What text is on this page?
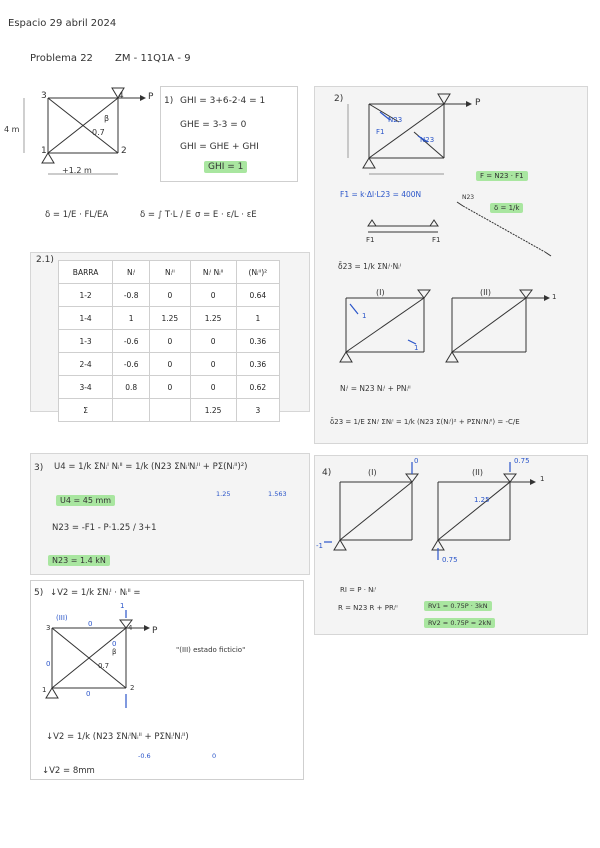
Espacio 29 abril 2024
Problema 22 ZM - 11Q1A - 9
3	4
1	2
4 m
+1.2 m
P
0.7
β
1) GHI = 3+6-2·4 = 1
GHE = 3-3 = 0
GHI = GHE + GHI
GHI = 1
δ = 1/E · FL/EA	δ = ∫ T·L / E σ = E · ε/L · εE
2.1)
BARRA	Nᵢᴵ	Nᵢᴵᴵ	Nᵢᴵ Nᵢᴵᴵ	(Nᵢᴵᴵ)²
1-2	-0.8	0	0	0.64
1-4	1	1.25	1.25	1
1-3	-0.6	0	0	0.36
2-4	-0.6	0	0	0.36
3-4	0.8	0	0	0.62
Σ			1.25	3
2)
N23
P
N23
F1
F = N23 · F1
F1 = k·Δl·L23 = 400N
δ = 1/k
F1	F1
N23
δ̄23 = 1/k ΣNᵢᴵ·Nᵢᴵ
(I)	(II)
1
1
1
Nᵢᴵ = N23 Nᵢᴵ + PNᵢᴵᴵ
δ̄23 = 1/E ΣNᵢᴵ ΣNᵢᴵ = 1/k (N23 Σ(Nᵢᴵ)² + PΣNᵢᴵNᵢᴵᴵ) = -C/E
3) U4 = 1/k ΣNᵢᴵ Nᵢᴵᴵ = 1/k (N23 ΣNᵢᴵNᵢᴵᴵ + PΣ(Nᵢᴵᴵ)²)
1.25	1.563
U4 = 45 mm
N23 = -F1 - P·1.25 / 3+1
N23 = 1.4 kN
4)	(I)	(II)
0	0.75
1
-1
0.75
1.25
RI = P · Nᵢᴵ
R = N23 R + PRᵢᴵᴵ	RV1 = 0.75P · 3kN
RV2 = 0.75P = 2kN
5) ↓V2 = 1/k ΣNᵢᴵ · Nᵢᴵᴵ =
(III)
0
0
0
0
1
P
0.7
β
3	4
1	2
"(III) estado ficticio"
↓V2 = 1/k (N23 ΣNᵢᴵNᵢᴵᴵ + PΣNᵢᴵNᵢᴵᴵ)
-0.6	0
↓V2 = 8mm
